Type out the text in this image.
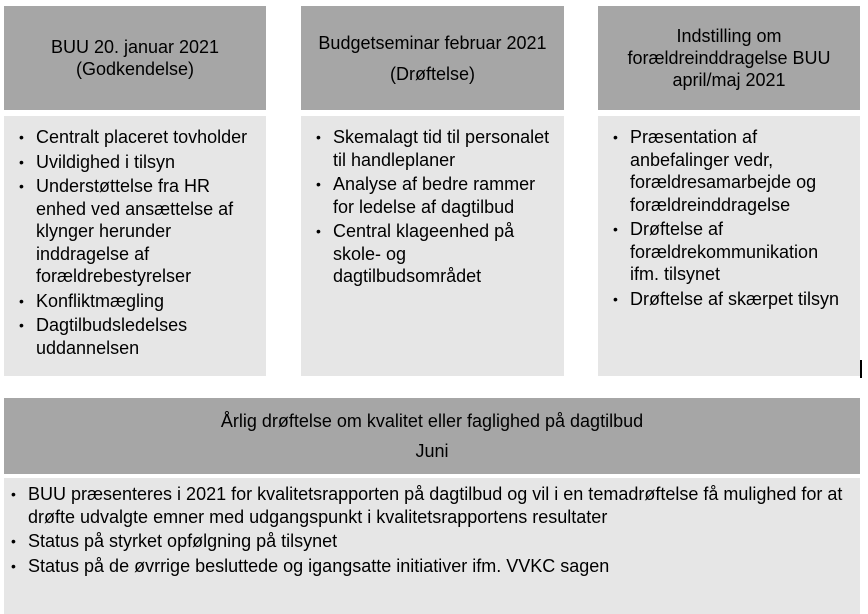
BUU 20. januar 2021
(Godkendelse)
• Centralt placeret tovholder
• Uvildighed i tilsyn
• Understøttelse fra HR enhed ved ansættelse af klynger herunder inddragelse af forældrebestyrelser
• Konfliktmægling
• Dagtilbudsledelses uddannelsen
Budgetseminar februar 2021
(Drøftelse)
• Skemalagt tid til personalet til handleplaner
• Analyse af bedre rammer for ledelse af dagtilbud
• Central klageenhed på skole- og dagtilbudsområdet
Indstilling om
forældreinddragelse BUU
april/maj 2021
• Præsentation af anbefalinger vedr, forældresamarbejde og forældreinddragelse
• Drøftelse af forældrekommunikation ifm. tilsynet
• Drøftelse af skærpet tilsyn
Årlig drøftelse om kvalitet eller faglighed på dagtilbud
Juni
• BUU præsenteres i 2021 for kvalitetsrapporten på dagtilbud og vil i en temadrøftelse få mulighed for at drøfte udvalgte emner med udgangspunkt i kvalitetsrapportens resultater
• Status på styrket opfølgning på tilsynet
• Status på de øvrrige besluttede og igangsatte initiativer ifm. VVKC sagen
